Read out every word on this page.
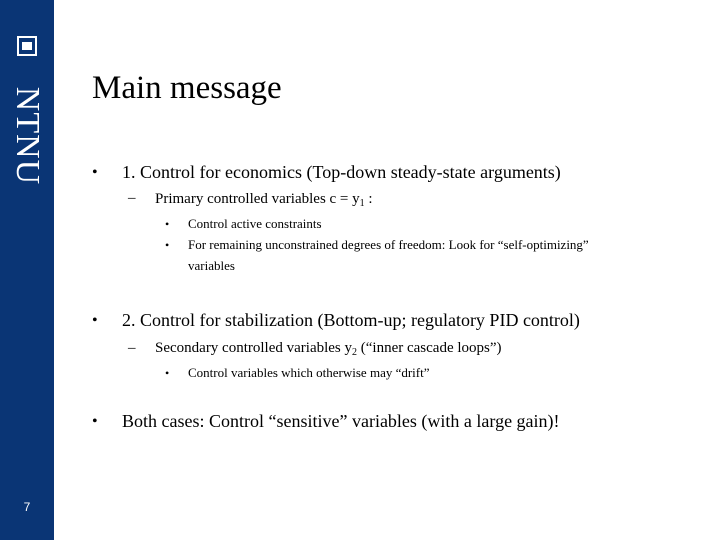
NTNU
7
Main message
• 1. Control for economics (Top-down steady-state arguments)
– Primary controlled variables $c = y_1$ :
• Control active constraints
• For remaining unconstrained degrees of freedom: Look for “self-optimizing”
variables
• 2. Control for stabilization (Bottom-up; regulatory PID control)
– Secondary controlled variables $y_2$ (“inner cascade loops”)
• Control variables which otherwise may “drift”
• Both cases: Control “sensitive” variables (with a large gain)!
